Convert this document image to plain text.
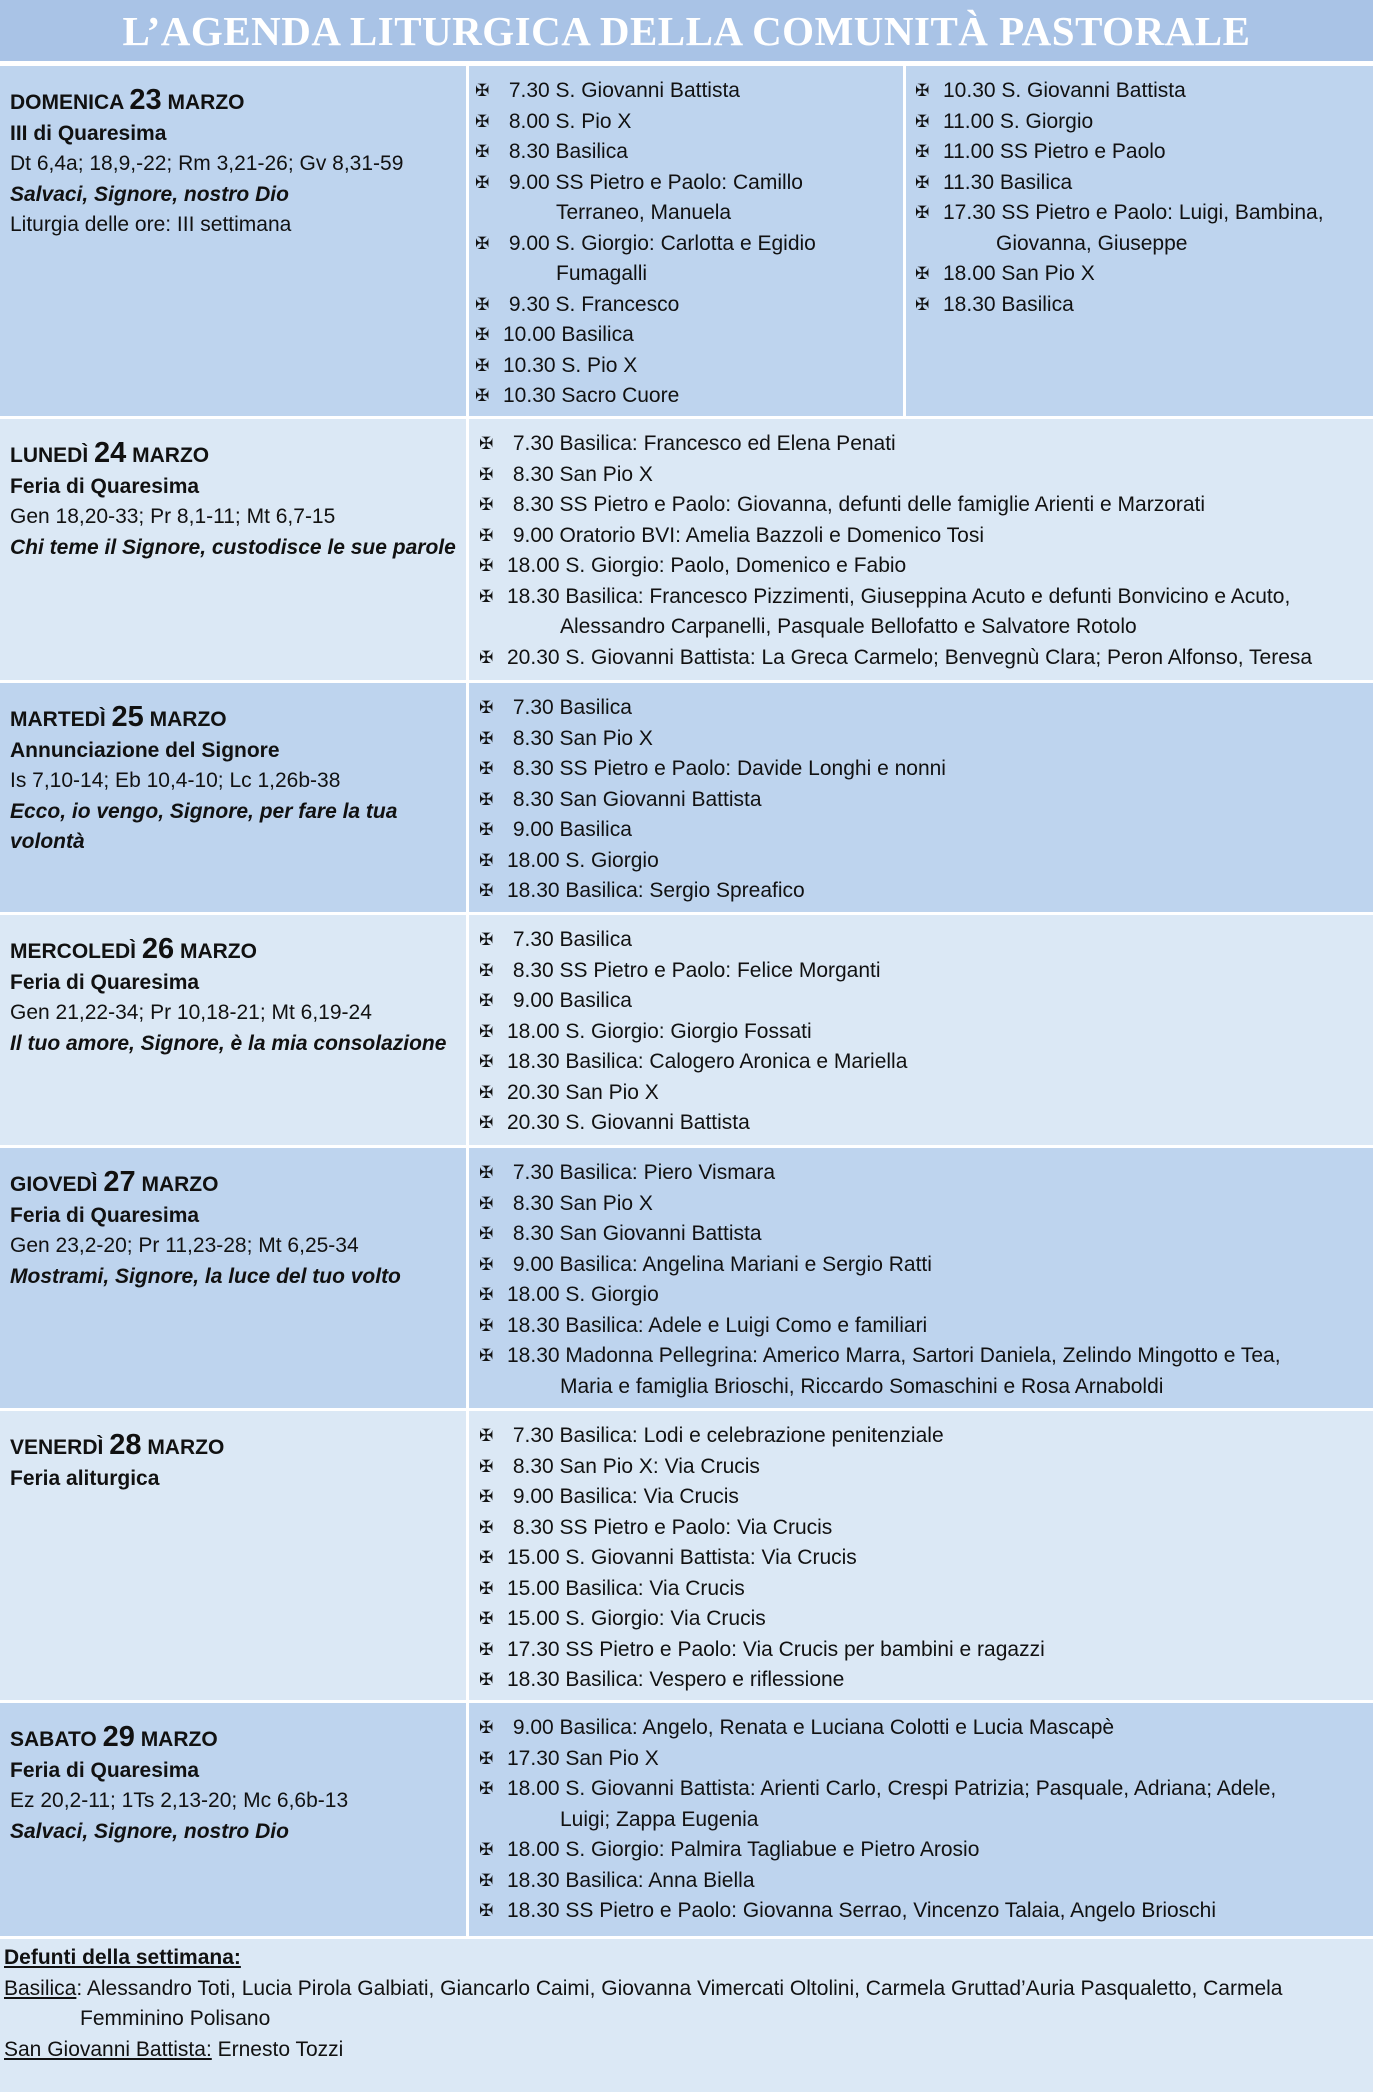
L’AGENDA LITURGICA DELLA COMUNITÀ PASTORALE
DOMENICA 23 MARZO
III di Quaresima
Dt 6,4a; 18,9,-22; Rm 3,21-26; Gv 8,31-59
Salvaci, Signore, nostro Dio
Liturgia delle ore: III settimana
✠ 7.30 S. Giovanni Battista
✠ 8.00 S. Pio X
✠ 8.30 Basilica
✠ 9.00 SS Pietro e Paolo: Camillo
Terraneo, Manuela
✠ 9.00 S. Giorgio: Carlotta e Egidio
Fumagalli
✠ 9.30 S. Francesco
✠ 10.00 Basilica
✠ 10.30 S. Pio X
✠ 10.30 Sacro Cuore
✠ 10.30 S. Giovanni Battista
✠ 11.00 S. Giorgio
✠ 11.00 SS Pietro e Paolo
✠ 11.30 Basilica
✠ 17.30 SS Pietro e Paolo: Luigi, Bambina,
Giovanna, Giuseppe
✠ 18.00 San Pio X
✠ 18.30 Basilica
LUNEDÌ 24 MARZO
Feria di Quaresima
Gen 18,20-33; Pr 8,1-11; Mt 6,7-15
Chi teme il Signore, custodisce le sue parole
✠ 7.30 Basilica: Francesco ed Elena Penati
✠ 8.30 San Pio X
✠ 8.30 SS Pietro e Paolo: Giovanna, defunti delle famiglie Arienti e Marzorati
✠ 9.00 Oratorio BVI: Amelia Bazzoli e Domenico Tosi
✠ 18.00 S. Giorgio: Paolo, Domenico e Fabio
✠ 18.30 Basilica: Francesco Pizzimenti, Giuseppina Acuto e defunti Bonvicino e Acuto,
Alessandro Carpanelli, Pasquale Bellofatto e Salvatore Rotolo
✠ 20.30 S. Giovanni Battista: La Greca Carmelo; Benvegnù Clara; Peron Alfonso, Teresa
MARTEDÌ 25 MARZO
Annunciazione del Signore
Is 7,10-14; Eb 10,4-10; Lc 1,26b-38
Ecco, io vengo, Signore, per fare la tua volontà
✠ 7.30 Basilica
✠ 8.30 San Pio X
✠ 8.30 SS Pietro e Paolo: Davide Longhi e nonni
✠ 8.30 San Giovanni Battista
✠ 9.00 Basilica
✠ 18.00 S. Giorgio
✠ 18.30 Basilica: Sergio Spreafico
MERCOLEDÌ 26 MARZO
Feria di Quaresima
Gen 21,22-34; Pr 10,18-21; Mt 6,19-24
Il tuo amore, Signore, è la mia consolazione
✠ 7.30 Basilica
✠ 8.30 SS Pietro e Paolo: Felice Morganti
✠ 9.00 Basilica
✠ 18.00 S. Giorgio: Giorgio Fossati
✠ 18.30 Basilica: Calogero Aronica e Mariella
✠ 20.30 San Pio X
✠ 20.30 S. Giovanni Battista
GIOVEDÌ 27 MARZO
Feria di Quaresima
Gen 23,2-20; Pr 11,23-28; Mt 6,25-34
Mostrami, Signore, la luce del tuo volto
✠ 7.30 Basilica: Piero Vismara
✠ 8.30 San Pio X
✠ 8.30 San Giovanni Battista
✠ 9.00 Basilica: Angelina Mariani e Sergio Ratti
✠ 18.00 S. Giorgio
✠ 18.30 Basilica: Adele e Luigi Como e familiari
✠ 18.30 Madonna Pellegrina: Americo Marra, Sartori Daniela, Zelindo Mingotto e Tea,
Maria e famiglia Brioschi, Riccardo Somaschini e Rosa Arnaboldi
VENERDÌ 28 MARZO
Feria aliturgica
✠ 7.30 Basilica: Lodi e celebrazione penitenziale
✠ 8.30 San Pio X: Via Crucis
✠ 9.00 Basilica: Via Crucis
✠ 8.30 SS Pietro e Paolo: Via Crucis
✠ 15.00 S. Giovanni Battista: Via Crucis
✠ 15.00 Basilica: Via Crucis
✠ 15.00 S. Giorgio: Via Crucis
✠ 17.30 SS Pietro e Paolo: Via Crucis per bambini e ragazzi
✠ 18.30 Basilica: Vespero e riflessione
SABATO 29 MARZO
Feria di Quaresima
Ez 20,2-11; 1Ts 2,13-20; Mc 6,6b-13
Salvaci, Signore, nostro Dio
✠ 9.00 Basilica: Angelo, Renata e Luciana Colotti e Lucia Mascapè
✠ 17.30 San Pio X
✠ 18.00 S. Giovanni Battista: Arienti Carlo, Crespi Patrizia; Pasquale, Adriana; Adele,
Luigi; Zappa Eugenia
✠ 18.00 S. Giorgio: Palmira Tagliabue e Pietro Arosio
✠ 18.30 Basilica: Anna Biella
✠ 18.30 SS Pietro e Paolo: Giovanna Serrao, Vincenzo Talaia, Angelo Brioschi
Defunti della settimana:
Basilica: Alessandro Toti, Lucia Pirola Galbiati, Giancarlo Caimi, Giovanna Vimercati Oltolini, Carmela Gruttad’Auria Pasqualetto, Carmela
Femminino Polisano
San Giovanni Battista: Ernesto Tozzi
